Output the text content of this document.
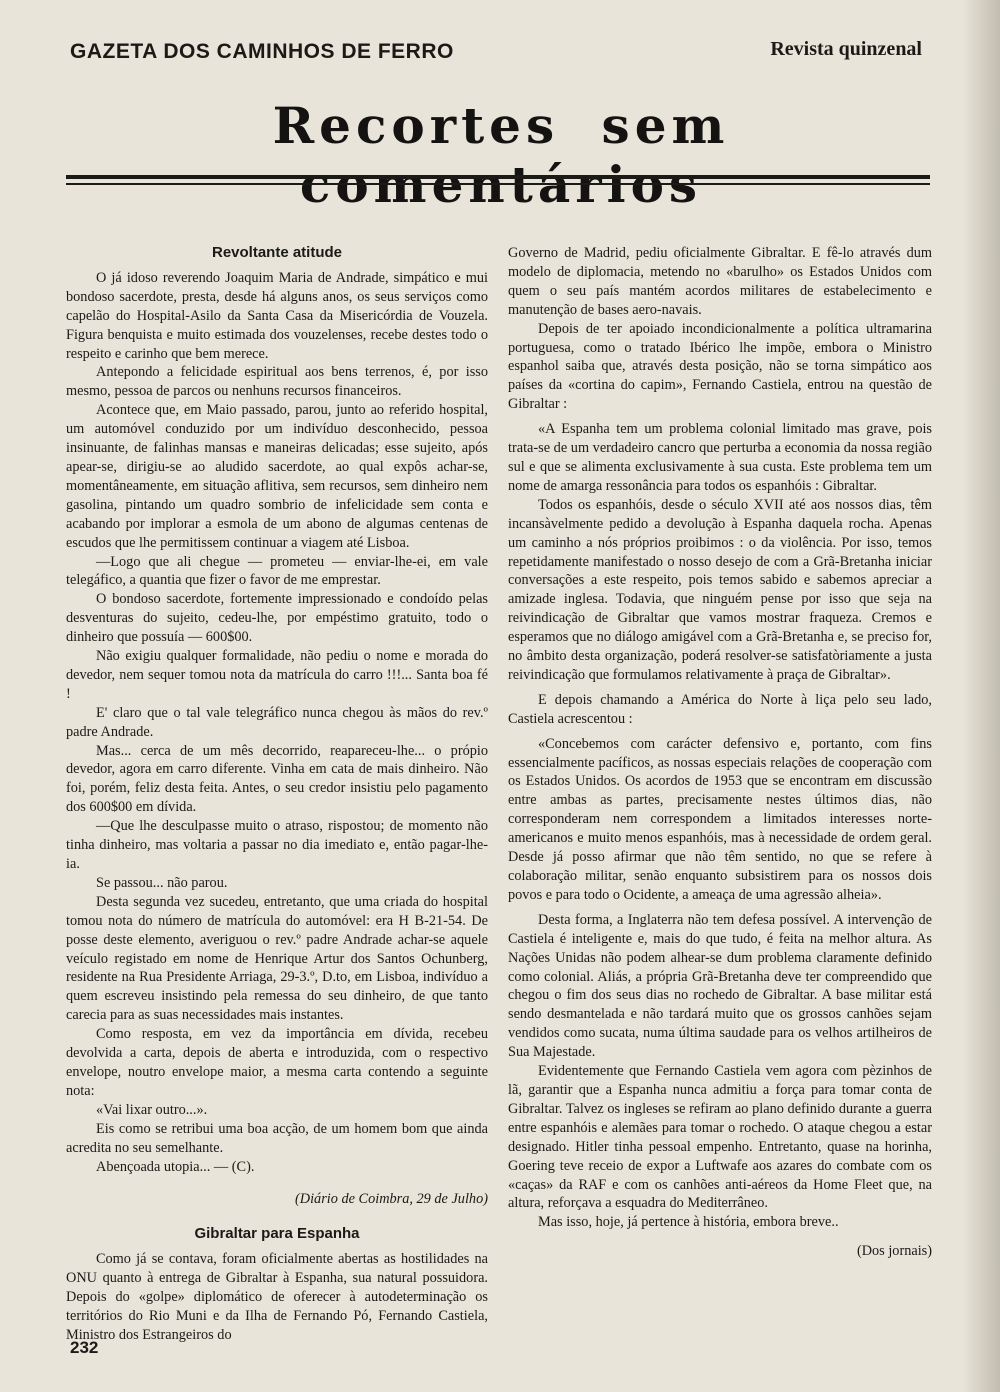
GAZETA DOS CAMINHOS DE FERRO	Revista quinzenal
Recortes sem
Revoltante atitude

O já idoso reverendo Joaquim Maria de Andrade, simpático e mui bondoso sacerdote, presta, desde há alguns anos, os seus serviços como capelão do Hospital-Asilo da Santa Casa da Misericórdia de Vouzela. Figura benquista e muito estimada dos vouzelenses, recebe destes todo o respeito e carinho que bem merece.

Antepondo a felicidade espiritual aos bens terrenos, é, por isso mesmo, pessoa de parcos ou nenhuns recursos financeiros.

Acontece que, em Maio passado, parou, junto ao referido hospital, um automóvel conduzido por um indivíduo desconhecido, pessoa insinuante, de falinhas mansas e maneiras delicadas; esse sujeito, após apear-se, dirigiu-se ao aludido sacerdote, ao qual expôs achar-se, momentâneamente, em situação aflitiva, sem recursos, sem dinheiro nem gasolina, pintando um quadro sombrio de infelicidade sem conta e acabando por implorar a esmola de um abono de algumas centenas de escudos que lhe permitissem continuar a viagem até Lisboa.

—Logo que ali chegue — prometeu — enviar-lhe-ei, em vale telegáfico, a quantia que fizer o favor de me emprestar.

O bondoso sacerdote, fortemente impressionado e condoído pelas desventuras do sujeito, cedeu-lhe, por empéstimo gratuito, todo o dinheiro que possuía — 600$00.

Não exigiu qualquer formalidade, não pediu o nome e morada do devedor, nem sequer tomou nota da matrícula do carro !!!... Santa boa fé !

E' claro que o tal vale telegráfico nunca chegou às mãos do rev.º padre Andrade.

Mas... cerca de um mês decorrido, reapareceu-lhe... o própio devedor, agora em carro diferente. Vinha em cata de mais dinheiro. Não foi, porém, feliz desta feita. Antes, o seu credor insistiu pelo pagamento dos 600$00 em dívida.

—Que lhe desculpasse muito o atraso, rispostou; de momento não tinha dinheiro, mas voltaria a passar no dia imediato e, então pagar-lhe-ia.

Se passou... não parou.

Desta segunda vez sucedeu, entretanto, que uma criada do hospital tomou nota do número de matrícula do automóvel: era H B-21-54. De posse deste elemento, averiguou o rev.º padre Andrade achar-se aquele veículo registado em nome de Henrique Artur dos Santos Ochunberg, residente na Rua Presidente Arriaga, 29-3.º, D.to, em Lisboa, indivíduo a quem escreveu insistindo pela remessa do seu dinheiro, de que tanto carecia para as suas necessidades mais instantes.

Como resposta, em vez da importância em dívida, recebeu devolvida a carta, depois de aberta e introduzida, com o respectivo envelope, noutro envelope maior, a mesma carta contendo a seguinte nota:

«Vai lixar outro...».

Eis como se retribui uma boa acção, de um homem bom que ainda acredita no seu semelhante.

Abençoada utopia... — (C).

(Diário de Coimbra, 29 de Julho)

Gibraltar para Espanha

Como já se contava, foram oficialmente abertas as hostilidades na ONU quanto à entrega de Gibraltar à Espanha, sua natural possuidora. Depois do «golpe» diplomático de oferecer à autodeterminação os territórios do Rio Muni e da Ilha de Fernando Pó, Fernando Castiela, Ministro dos Estrangeiros do

Governo de Madrid, pediu oficialmente Gibraltar. E fê-lo através dum modelo de diplomacia, metendo no «barulho» os Estados Unidos com quem o seu país mantém acordos militares de estabelecimento e manutenção de bases aero-navais.

Depois de ter apoiado incondicionalmente a política ultramarina portuguesa, como o tratado Ibérico lhe impõe, embora o Ministro espanhol saiba que, através desta posição, não se torna simpático aos países da «cortina do capim», Fernando Castiela, entrou na questão de Gibraltar :

«A Espanha tem um problema colonial limitado mas grave, pois trata-se de um verdadeiro cancro que perturba a economia da nossa região sul e que se alimenta exclusivamente à sua custa. Este problema tem um nome de amarga ressonância para todos os espanhóis : Gibraltar.

Todos os espanhóis, desde o século XVII até aos nossos dias, têm incansàvelmente pedido a devolução à Espanha daquela rocha. Apenas um caminho a nós próprios proibimos : o da violência. Por isso, temos repetidamente manifestado o nosso desejo de com a Grã-Bretanha iniciar conversações a este respeito, pois temos sabido e sabemos apreciar a amizade inglesa. Todavia, que ninguém pense por isso que seja na reivindicação de Gibraltar que vamos mostrar fraqueza. Cremos e esperamos que no diálogo amigável com a Grã-Bretanha e, se preciso for, no âmbito desta organização, poderá resolver-se satisfatòriamente a justa reivindicação que formulamos relativamente à praça de Gibraltar».

E depois chamando a América do Norte à liça pelo seu lado, Castiela acrescentou :

«Concebemos com carácter defensivo e, portanto, com fins essencialmente pacíficos, as nossas especiais relações de cooperação com os Estados Unidos. Os acordos de 1953 que se encontram em discussão entre ambas as partes, precisamente nestes últimos dias, não corresponderam nem correspondem a limitados interesses norte-americanos e muito menos espanhóis, mas à necessidade de ordem geral. Desde já posso afirmar que não têm sentido, no que se refere à colaboração militar, senão enquanto subsistirem para os nossos dois povos e para todo o Ocidente, a ameaça de uma agressão alheia».

Desta forma, a Inglaterra não tem defesa possível. A intervenção de Castiela é inteligente e, mais do que tudo, é feita na melhor altura. As Nações Unidas não podem alhear-se dum problema claramente definido como colonial. Aliás, a própria Grã-Bretanha deve ter compreendido que chegou o fim dos seus dias no rochedo de Gibraltar. A base militar está sendo desmantelada e não tardará muito que os grossos canhões sejam vendidos como sucata, numa última saudade para os velhos artilheiros de Sua Majestade.

Evidentemente que Fernando Castiela vem agora com pèzinhos de lã, garantir que a Espanha nunca admitiu a força para tomar conta de Gibraltar. Talvez os ingleses se refiram ao plano definido durante a guerra entre espanhóis e alemães para tomar o rochedo. O ataque chegou a estar designado. Hitler tinha pessoal empenho. Entretanto, quase na horinha, Goering teve receio de expor a Luftwafe aos azares do combate com os «caças» da RAF e com os canhões anti-aéreos da Home Fleet que, na altura, reforçava a esquadra do Mediterrâneo.

Mas isso, hoje, já pertence à história, embora breve..

(Dos jornais)

232
